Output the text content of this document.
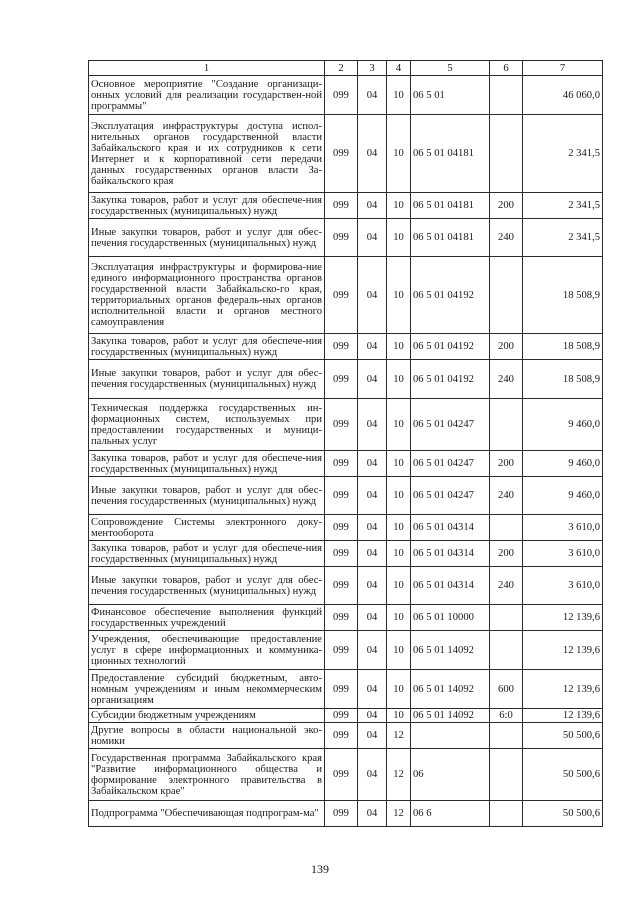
1	2	3	4	5	6	7
Основное мероприятие "Создание организаци-онных условий для реализации государствен-ной программы"	099	04	10	06 5 01		46 060,0
Эксплуатация инфраструктуры доступа испол-нительных органов государственной власти Забайкальского края и их сотрудников к сети Интернет и к корпоративной сети передачи данных государственных органов власти За-байкальского края	099	04	10	06 5 01 04181		2 341,5
Закупка товаров, работ и услуг для обеспече-ния государственных (муниципальных) нужд	099	04	10	06 5 01 04181	200	2 341,5
Иные закупки товаров, работ и услуг для обес-печения государственных (муниципальных) нужд	099	04	10	06 5 01 04181	240	2 341,5
Эксплуатация инфраструктуры и формирова-ние единого информационного пространства органов государственной власти Забайкальско-го края, территориальных органов федераль-ных органов исполнительной власти и органов местного самоуправления	099	04	10	06 5 01 04192		18 508,9
Закупка товаров, работ и услуг для обеспече-ния государственных (муниципальных) нужд	099	04	10	06 5 01 04192	200	18 508,9
Иные закупки товаров, работ и услуг для обес-печения государственных (муниципальных) нужд	099	04	10	06 5 01 04192	240	18 508,9
Техническая поддержка государственных ин-формационных систем, используемых при предоставлении государственных и муници-пальных услуг	099	04	10	06 5 01 04247		9 460,0
Закупка товаров, работ и услуг для обеспече-ния государственных (муниципальных) нужд	099	04	10	06 5 01 04247	200	9 460,0
Иные закупки товаров, работ и услуг для обес-печения государственных (муниципальных) нужд	099	04	10	06 5 01 04247	240	9 460,0
Сопровождение Системы электронного доку-ментооборота	099	04	10	06 5 01 04314		3 610,0
Закупка товаров, работ и услуг для обеспече-ния государственных (муниципальных) нужд	099	04	10	06 5 01 04314	200	3 610,0
Иные закупки товаров, работ и услуг для обес-печения государственных (муниципальных) нужд	099	04	10	06 5 01 04314	240	3 610,0
Финансовое обеспечение выполнения функций государственных учреждений	099	04	10	06 5 01 10000		12 139,6
Учреждения, обеспечивающие предоставление услуг в сфере информационных и коммуника-ционных технологий	099	04	10	06 5 01 14092		12 139,6
Предоставление субсидий бюджетным, авто-номным учреждениям и иным некоммерческим организациям	099	04	10	06 5 01 14092	600	12 139,6
Субсидии бюджетным учреждениям	099	04	10	06 5 01 14092	6:0	12 139,6
Другие вопросы в области национальной эко-номики	099	04	12			50 500,6
Государственная программа Забайкальского края "Развитие информационного общества и формирование электронного правительства в Забайкальском крае"	099	04	12	06		50 500,6
Подпрограмма "Обеспечивающая подпрограм-ма"	099	04	12	06 6		50 500,6
139
